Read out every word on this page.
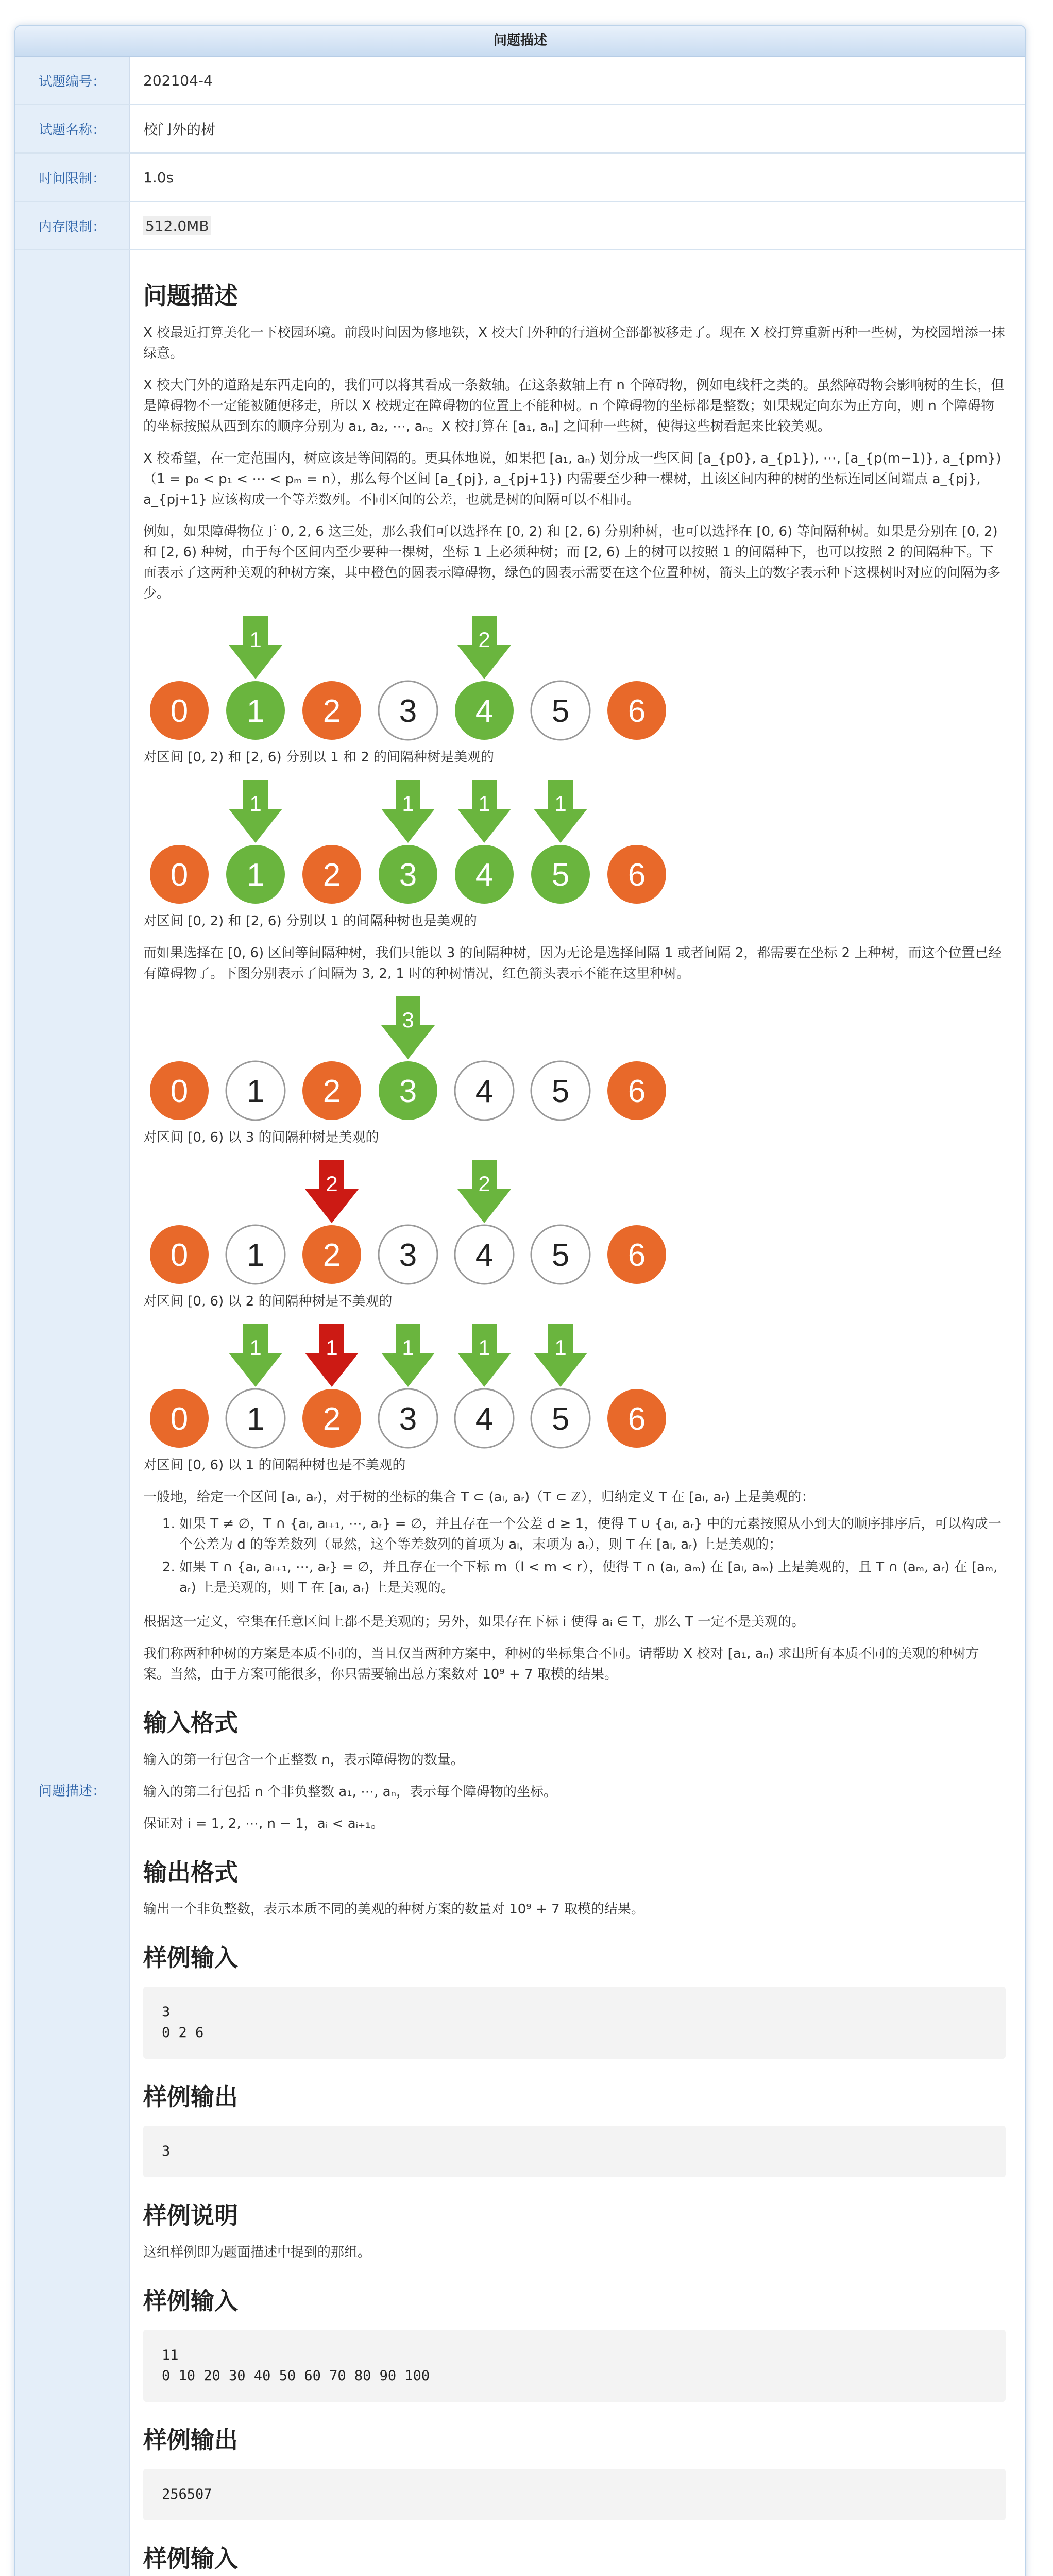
问题描述
试题编号：	202104-4
试题名称：	校门外的树
时间限制：	1.0s
内存限制：	512.0MB
问题描述：
问题描述

X 校最近打算美化一下校园环境。前段时间因为修地铁，X 校大门外种的行道树全部都被移走了。现在 X 校打算重新再种一些树，为校园增添一抹绿意。

X 校大门外的道路是东西走向的，我们可以将其看成一条数轴。在这条数轴上有 n 个障碍物，例如电线杆之类的。虽然障碍物会影响树的生长，但是障碍物不一定能被随便移走，所以 X 校规定在障碍物的位置上不能种树。n 个障碍物的坐标都是整数；如果规定向东为正方向，则 n 个障碍物的坐标按照从西到东的顺序分别为 a₁, a₂, ⋯, aₙ。X 校打算在 [a₁, aₙ] 之间种一些树，使得这些树看起来比较美观。

X 校希望，在一定范围内，树应该是等间隔的。更具体地说，如果把 [a₁, aₙ) 划分成一些区间 [a_{p0}, a_{p1}), ⋯, [a_{p(m−1)}, a_{pm})（1 = p₀ < p₁ < ⋯ < pₘ = n），那么每个区间 [a_{pj}, a_{pj+1}) 内需要至少种一棵树，且该区间内种的树的坐标连同区间端点 a_{pj}, a_{pj+1} 应该构成一个等差数列。不同区间的公差，也就是树的间隔可以不相同。

例如，如果障碍物位于 0, 2, 6 这三处，那么我们可以选择在 [0, 2) 和 [2, 6) 分别种树，也可以选择在 [0, 6) 等间隔种树。如果是分别在 [0, 2) 和 [2, 6) 种树，由于每个区间内至少要种一棵树，坐标 1 上必须种树；而 [2, 6) 上的树可以按照 1 的间隔种下，也可以按照 2 的间隔种下。下面表示了这两种美观的种树方案，其中橙色的圆表示障碍物，绿色的圆表示需要在这个位置种树，箭头上的数字表示种下这棵树时对应的间隔为多少。

1	2
0 1 2 3 4 5 6

对区间 [0, 2) 和 [2, 6) 分别以 1 和 2 的间隔种树是美观的

1	1	1	1
0 1 2 3 4 5 6

对区间 [0, 2) 和 [2, 6) 分别以 1 的间隔种树也是美观的

而如果选择在 [0, 6) 区间等间隔种树，我们只能以 3 的间隔种树，因为无论是选择间隔 1 或者间隔 2，都需要在坐标 2 上种树，而这个位置已经有障碍物了。下图分别表示了间隔为 3, 2, 1 时的种树情况，红色箭头表示不能在这里种树。

3
0 1 2 3 4 5 6

对区间 [0, 6) 以 3 的间隔种树是美观的

2	2
0 1 2 3 4 5 6

对区间 [0, 6) 以 2 的间隔种树是不美观的

1	1	1	1	1
0 1 2 3 4 5 6

对区间 [0, 6) 以 1 的间隔种树也是不美观的

一般地，给定一个区间 [aₗ, aᵣ)，对于树的坐标的集合 T ⊂ (aₗ, aᵣ)（T ⊂ ℤ），归纳定义 T 在 [aₗ, aᵣ) 上是美观的：

1. 如果 T ≠ ∅，T ∩ {aₗ, aₗ₊₁, ⋯, aᵣ} = ∅，并且存在一个公差 d ≥ 1，使得 T ∪ {aₗ, aᵣ} 中的元素按照从小到大的顺序排序后，可以构成一个公差为 d 的等差数列（显然，这个等差数列的首项为 aₗ，末项为 aᵣ），则 T 在 [aₗ, aᵣ) 上是美观的；
2. 如果 T ∩ {aₗ, aₗ₊₁, ⋯, aᵣ} = ∅，并且存在一个下标 m（l < m < r），使得 T ∩ (aₗ, aₘ) 在 [aₗ, aₘ) 上是美观的，且 T ∩ (aₘ, aᵣ) 在 [aₘ, aᵣ) 上是美观的，则 T 在 [aₗ, aᵣ) 上是美观的。

根据这一定义，空集在任意区间上都不是美观的；另外，如果存在下标 i 使得 aᵢ ∈ T，那么 T 一定不是美观的。

我们称两种种树的方案是本质不同的，当且仅当两种方案中，种树的坐标集合不同。请帮助 X 校对 [a₁, aₙ) 求出所有本质不同的美观的种树方案。当然，由于方案可能很多，你只需要输出总方案数对 10⁹ + 7 取模的结果。

输入格式

输入的第一行包含一个正整数 n，表示障碍物的数量。

输入的第二行包括 n 个非负整数 a₁, ⋯, aₙ，表示每个障碍物的坐标。

保证对 i = 1, 2, ⋯, n − 1，aᵢ < aᵢ₊₁。

输出格式

输出一个非负整数，表示本质不同的美观的种树方案的数量对 10⁹ + 7 取模的结果。

样例输入
3
0 2 6
样例输出
3
样例说明

这组样例即为题面描述中提到的那组。

样例输入
11
0 10 20 30 40 50 60 70 80 90 100
样例输出
256507
样例输入
